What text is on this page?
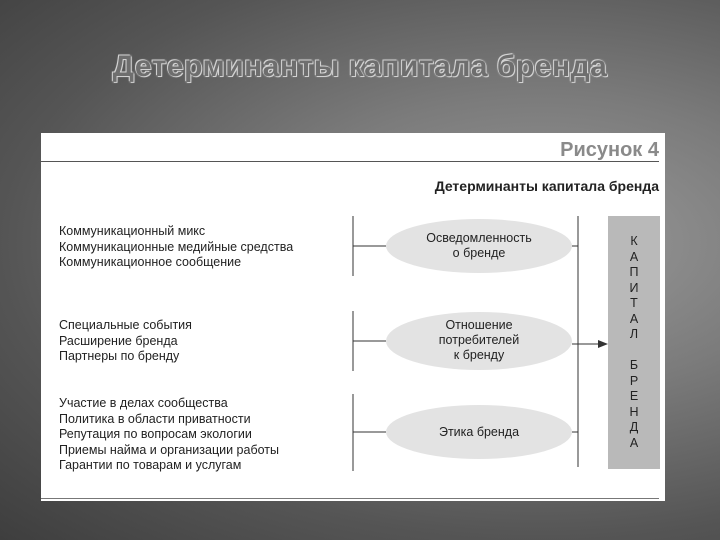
Детерминанты капитала бренда
Рисунок 4
Детерминанты капитала бренда
Коммуникационный микс
Коммуникационные медийные средства
Коммуникационное сообщение
Специальные события
Расширение бренда
Партнеры по бренду
Участие в делах сообщества
Политика в области приватности
Репутация по вопросам экологии
Приемы найма и организации работы
Гарантии по товарам и услугам
Осведомленность
о бренде
Отношение
потребителей
к бренду
Этика бренда
К
А
П
И
Т
А
Л
Б
Р
Е
Н
Д
А
